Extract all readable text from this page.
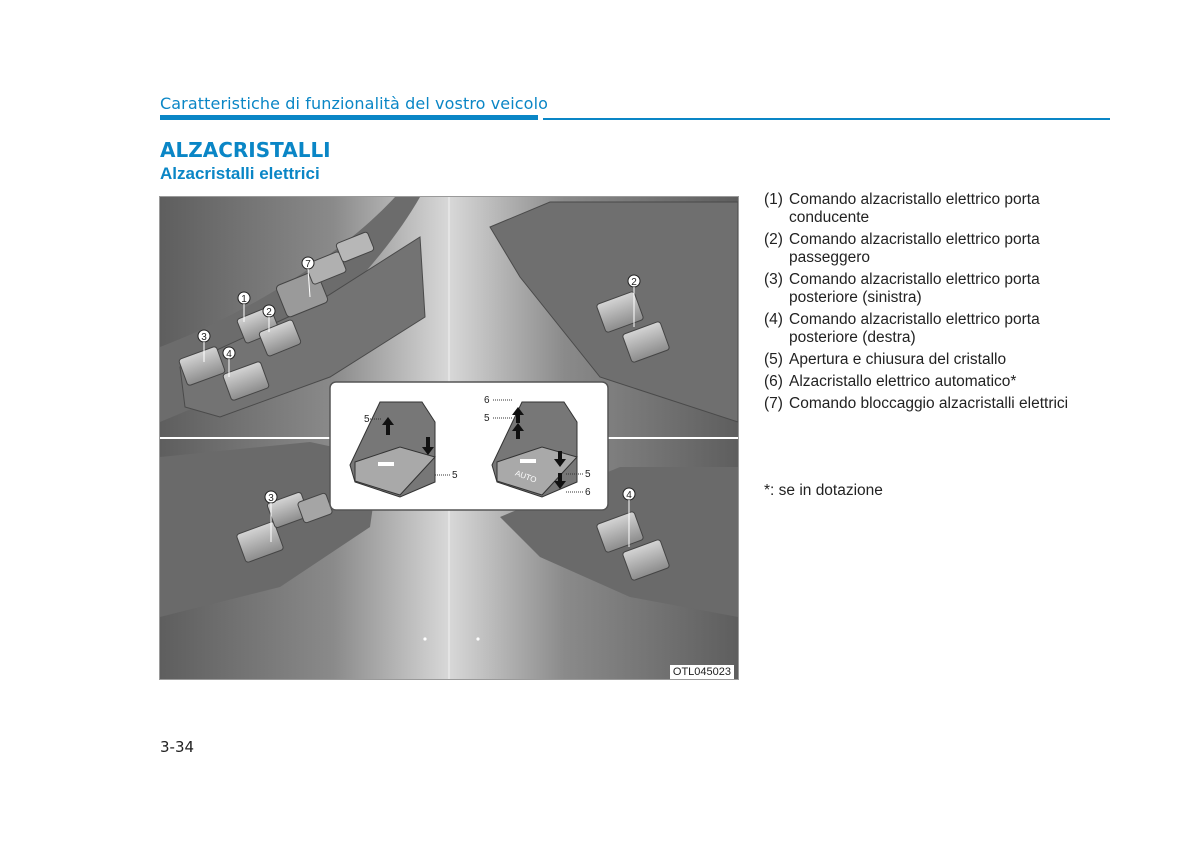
Caratteristiche di funzionalità del vostro veicolo
ALZACRISTALLI
Alzacristalli elettrici
1
2
3
4
7
2
3	4
5
5	AUTO
6
5
5
6
OTL045023
(1) Comando alzacristallo elettrico porta conducente
(2) Comando alzacristallo elettrico porta passeggero
(3) Comando alzacristallo elettrico porta posteriore (sinistra)
(4) Comando alzacristallo elettrico porta posteriore (destra)
(5) Apertura e chiusura del cristallo
(6) Alzacristallo elettrico automatico*
(7) Comando bloccaggio alzacristalli elettrici
*: se in dotazione
3-34
